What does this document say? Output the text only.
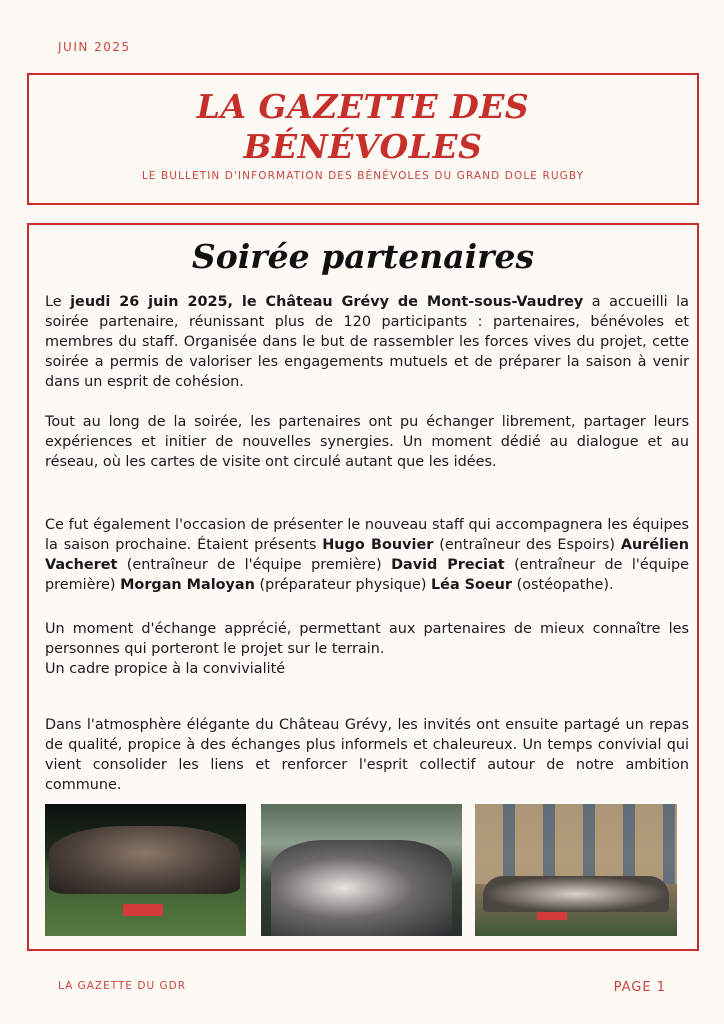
JUIN 2025
LA GAZETTE DES
BÉNÉVOLES
LE BULLETIN D'INFORMATION DES BÉNÉVOLES DU GRAND DOLE RUGBY
Soirée partenaires

Le jeudi 26 juin 2025, le Château Grévy de Mont-sous-Vaudrey a accueilli la soirée partenaire, réunissant plus de 120 participants : partenaires, bénévoles et membres du staff. Organisée dans le but de rassembler les forces vives du projet, cette soirée a permis de valoriser les engagements mutuels et de préparer la saison à venir dans un esprit de cohésion.

Tout au long de la soirée, les partenaires ont pu échanger librement, partager leurs expériences et initier de nouvelles synergies. Un moment dédié au dialogue et au réseau, où les cartes de visite ont circulé autant que les idées.

Ce fut également l'occasion de présenter le nouveau staff qui accompagnera les équipes la saison prochaine. Étaient présents Hugo Bouvier (entraîneur des Espoirs) Aurélien Vacheret (entraîneur de l'équipe première) David Preciat (entraîneur de l'équipe première) Morgan Maloyan (préparateur physique) Léa Soeur (ostéopathe).

Un moment d'échange apprécié, permettant aux partenaires de mieux connaître les personnes qui porteront le projet sur le terrain.
Un cadre propice à la convivialité

Dans l'atmosphère élégante du Château Grévy, les invités ont ensuite partagé un repas de qualité, propice à des échanges plus informels et chaleureux. Un temps convivial qui vient consolider les liens et renforcer l'esprit collectif autour de notre ambition commune.

LA GAZETTE DU GDR	PAGE 1
